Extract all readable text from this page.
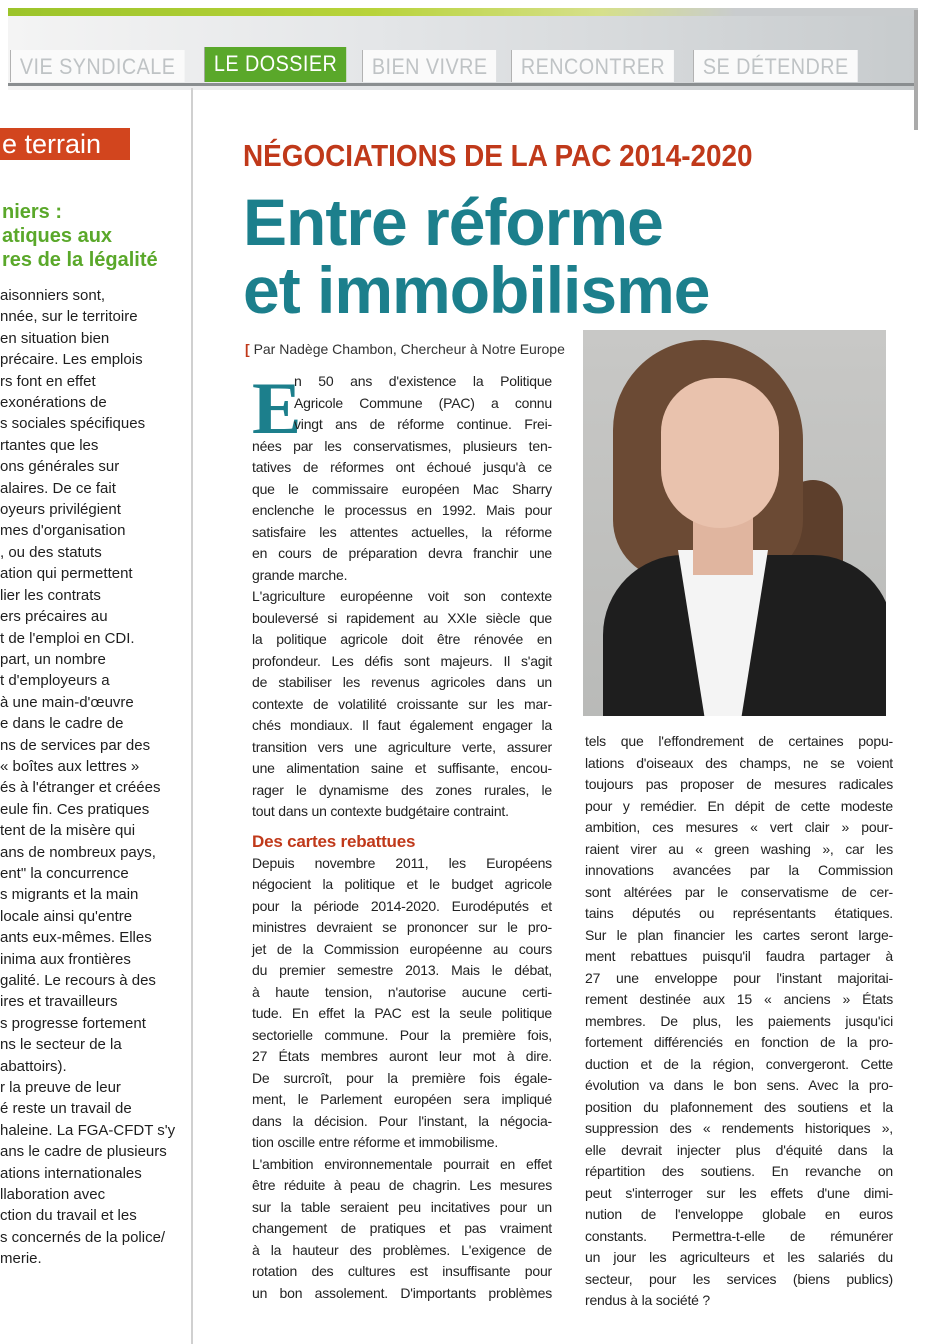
VIE SYNDICALE	LE DOSSIER	BIEN VIVRE	RENCONTRER	SE DÉTENDRE
e terrain
niers :
atiques aux
res de la légalité
aisonniers sont,
nnée, sur le territoire
en situation bien
précaire. Les emplois
rs font en effet
exonérations de
s sociales spécifiques
rtantes que les
ons générales sur
alaires. De ce fait
oyeurs privilégient
mes d'organisation
, ou des statuts
ation qui permettent
lier les contrats
ers précaires au
t de l'emploi en CDI.
part, un nombre
t d'employeurs a
à une main-d'œuvre
e dans le cadre de
ns de services par des
« boîtes aux lettres »
és à l'étranger et créées
eule fin. Ces pratiques
tent de la misère qui
ans de nombreux pays,
ent" la concurrence
s migrants et la main
locale ainsi qu'entre
ants eux-mêmes. Elles
inima aux frontières
galité. Le recours à des
ires et travailleurs
s progresse fortement
ns le secteur de la
abattoirs).
r la preuve de leur
é reste un travail de
haleine. La FGA-CFDT s'y
ans le cadre de plusieurs
ations internationales
llaboration avec
ction du travail et les
s concernés de la police/
merie.
NÉGOCIATIONS DE LA PAC 2014-2020
Entre réforme
et immobilisme
[ Par Nadège Chambon, Chercheur à Notre Europe
E
n 50 ans d'existence la Politique
Agricole Commune (PAC) a connu
vingt ans de réforme continue. Frei-
nées par les conservatismes, plusieurs ten-
tatives de réformes ont échoué jusqu'à ce
que le commissaire européen Mac Sharry
enclenche le processus en 1992. Mais pour
satisfaire les attentes actuelles, la réforme
en cours de préparation devra franchir une
grande marche.
L'agriculture européenne voit son contexte
bouleversé si rapidement au XXIe siècle que
la politique agricole doit être rénovée en
profondeur. Les défis sont majeurs. Il s'agit
de stabiliser les revenus agricoles dans un
contexte de volatilité croissante sur les mar-
chés mondiaux. Il faut également engager la
transition vers une agriculture verte, assurer
une alimentation saine et suffisante, encou-
rager le dynamisme des zones rurales, le
tout dans un contexte budgétaire contraint.
Des cartes rebattues
Depuis novembre 2011, les Européens
négocient la politique et le budget agricole
pour la période 2014-2020. Eurodéputés et
ministres devraient se prononcer sur le pro-
jet de la Commission européenne au cours
du premier semestre 2013. Mais le débat,
à haute tension, n'autorise aucune certi-
tude. En effet la PAC est la seule politique
sectorielle commune. Pour la première fois,
27 États membres auront leur mot à dire.
De surcroît, pour la première fois égale-
ment, le Parlement européen sera impliqué
dans la décision. Pour l'instant, la négocia-
tion oscille entre réforme et immobilisme.
L'ambition environnementale pourrait en effet
être réduite à peau de chagrin. Les mesures
sur la table seraient peu incitatives pour un
changement de pratiques et pas vraiment
à la hauteur des problèmes. L'exigence de
rotation des cultures est insuffisante pour
un bon assolement. D'importants problèmes
tels que l'effondrement de certaines popu-
lations d'oiseaux des champs, ne se voient
toujours pas proposer de mesures radicales
pour y remédier. En dépit de cette modeste
ambition, ces mesures « vert clair » pour-
raient virer au « green washing », car les
innovations avancées par la Commission
sont altérées par le conservatisme de cer-
tains députés ou représentants étatiques.
Sur le plan financier les cartes seront large-
ment rebattues puisqu'il faudra partager à
27 une enveloppe pour l'instant majoritai-
rement destinée aux 15 « anciens » États
membres. De plus, les paiements jusqu'ici
fortement différenciés en fonction de la pro-
duction et de la région, convergeront. Cette
évolution va dans le bon sens. Avec la pro-
position du plafonnement des soutiens et la
suppression des « rendements historiques »,
elle devrait injecter plus d'équité dans la
répartition des soutiens. En revanche on
peut s'interroger sur les effets d'une dimi-
nution de l'enveloppe globale en euros
constants. Permettra-t-elle de rémunérer
un jour les agriculteurs et les salariés du
secteur, pour les services (biens publics)
rendus à la société ?
